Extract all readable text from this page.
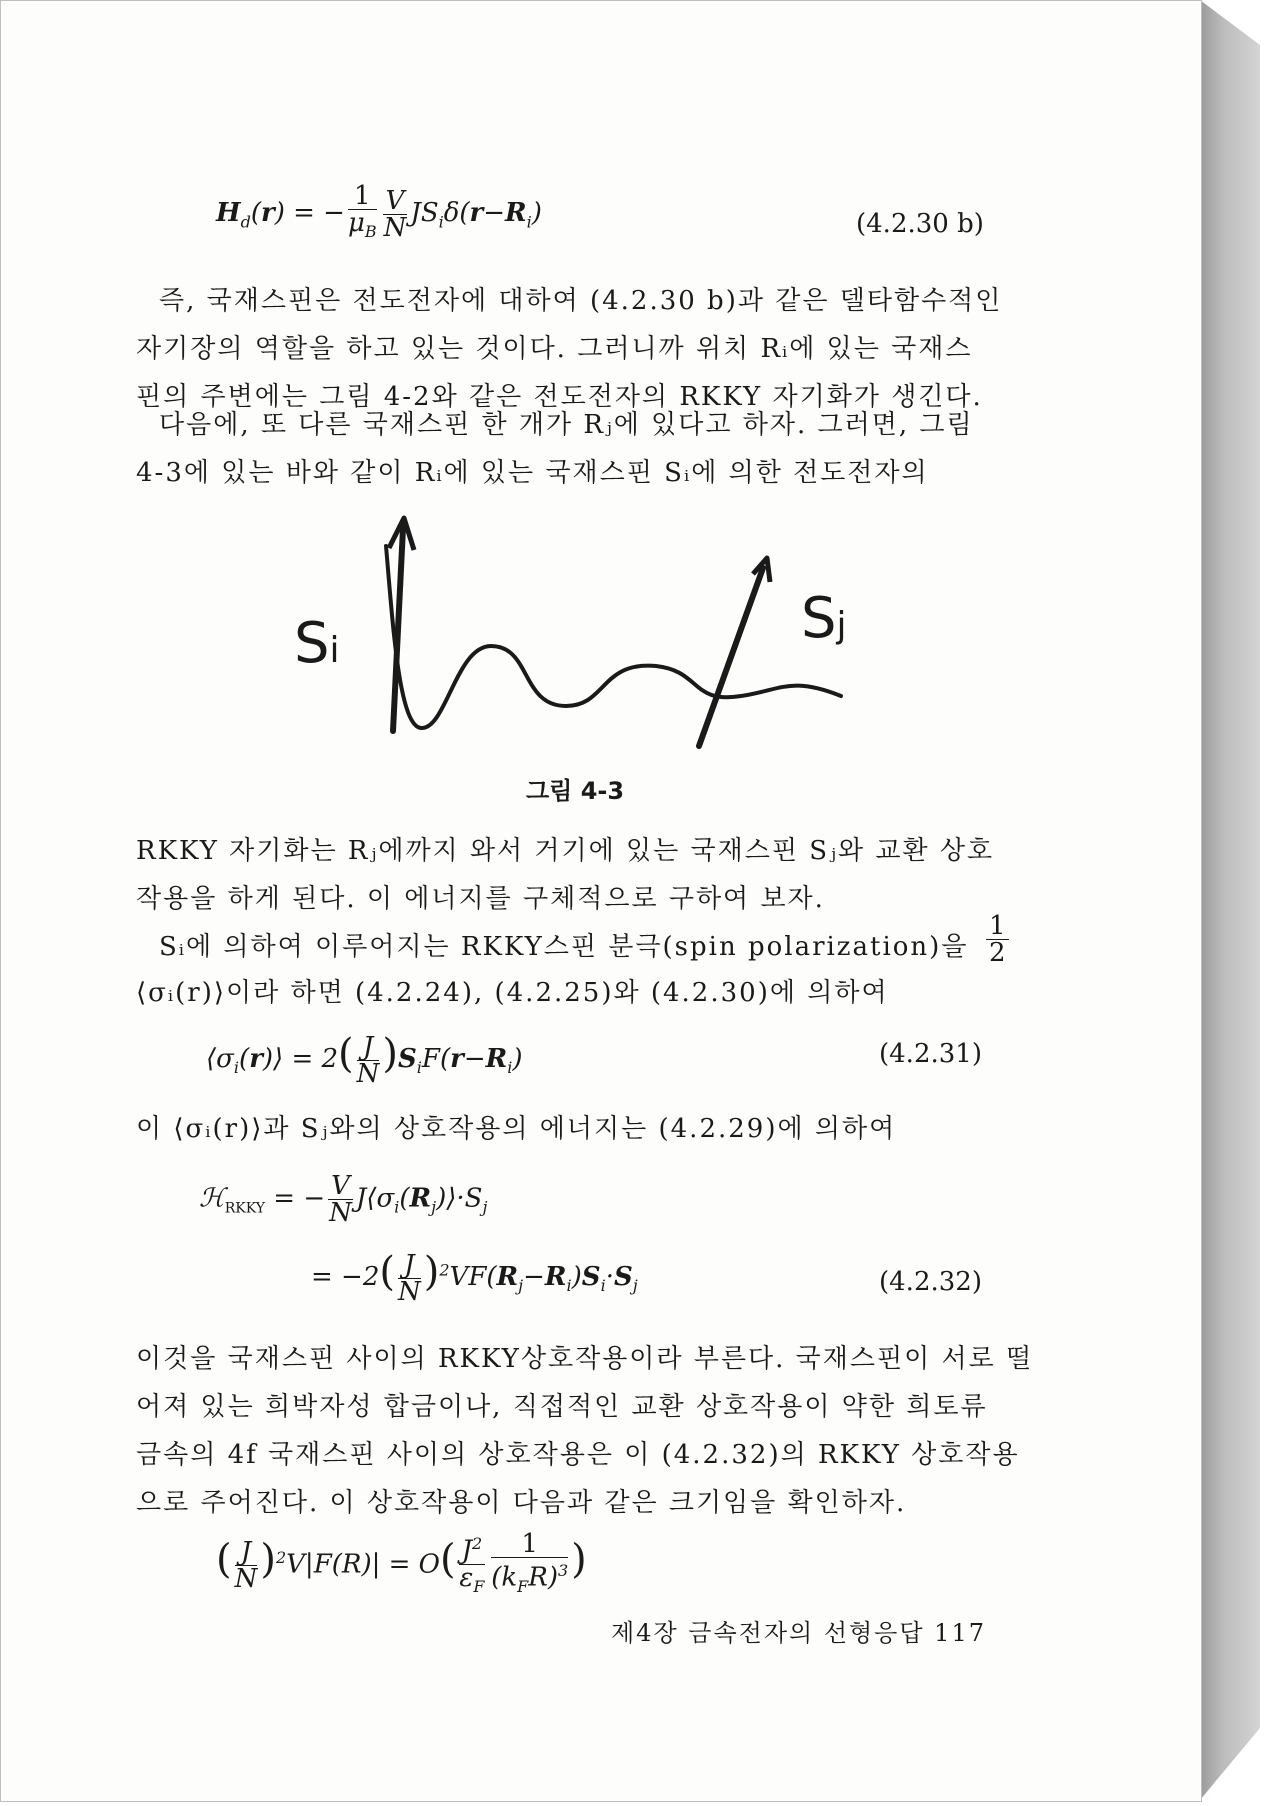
$H_d(r)$ = − $\frac{1}{\mu_B} \frac{V}{N} JS_i\delta(r-R_i)$	(4.2.30 b)
즉, 국재스핀은 전도전자에 대하여 (4.2.30 b)과 같은 델타함수적인
자기장의 역할을 하고 있는 것이다. 그러니까 위치 Rᵢ에 있는 국재스
핀의 주변에는 그림 4-2와 같은 전도전자의 RKKY 자기화가 생긴다.
다음에, 또 다른 국재스핀 한 개가 Rⱼ에 있다고 하자. 그러면, 그림
4-3에 있는 바와 같이 Rᵢ에 있는 국재스핀 Sᵢ에 의한 전도전자의
Si	Sj
그림 4-3
RKKY 자기화는 Rⱼ에까지 와서 거기에 있는 국재스핀 Sⱼ와 교환 상호
작용을 하게 된다. 이 에너지를 구체적으로 구하여 보자.
Sᵢ에 의하여 이루어지는 RKKY스핀 분극(spin polarization)을 $\frac{1}{2}$
⟨σᵢ(r)⟩이라 하면 (4.2.24), (4.2.25)와 (4.2.30)에 의하여
$⟨\sigma_i(r)⟩ = 2( \frac{J}{N} )S_iF(r-R_i)$	(4.2.31)
이 ⟨σᵢ(r)⟩과 Sⱼ와의 상호작용의 에너지는 (4.2.29)에 의하여
ℋ$_{RKKY}$ = − $\frac{V}{N}$ $J⟨\sigma_i(R_j)⟩\cdot S_j$
= $-2( \frac{J}{N} )^2VF(R_j-R_i)S_i\cdot S_j$	(4.2.32)
이것을 국재스핀 사이의 RKKY상호작용이라 부른다. 국재스핀이 서로 떨
어져 있는 희박자성 합금이나, 직접적인 교환 상호작용이 약한 희토류
금속의 4f 국재스핀 사이의 상호작용은 이 (4.2.32)의 RKKY 상호작용
으로 주어진다. 이 상호작용이 다음과 같은 크기임을 확인하자.
( $\frac{J}{N} )^2V|F(R)| = O( \frac{J^2}{\varepsilon_F} \frac{1}{(k_FR)^3}$ )
제4장 금속전자의 선형응답 117
